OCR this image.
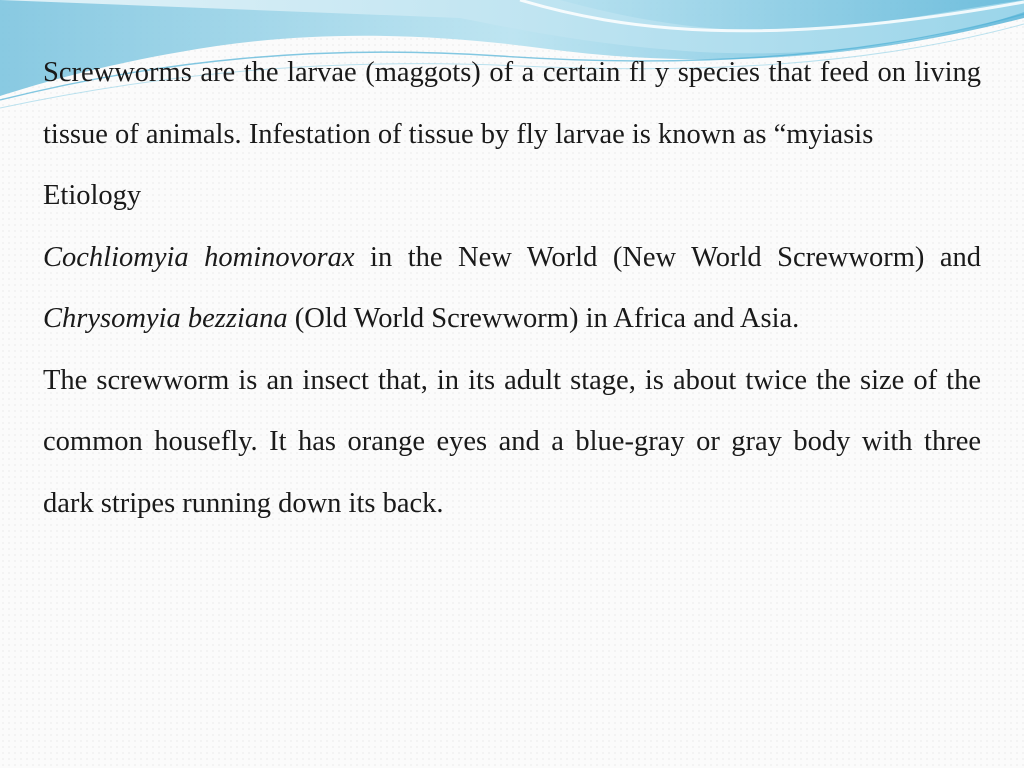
Screwworms are the larvae (maggots) of a certain fl y species that feed on living tissue of animals. Infestation of tissue by fly larvae is known as “myiasis

Etiology

Cochliomyia hominovorax in the New World (New World Screwworm) and Chrysomyia bezziana (Old World Screwworm) in Africa and Asia.

The screwworm is an insect that, in its adult stage, is about twice the size of the common housefly. It has orange eyes and a blue-gray or gray body with three dark stripes running down its back.
